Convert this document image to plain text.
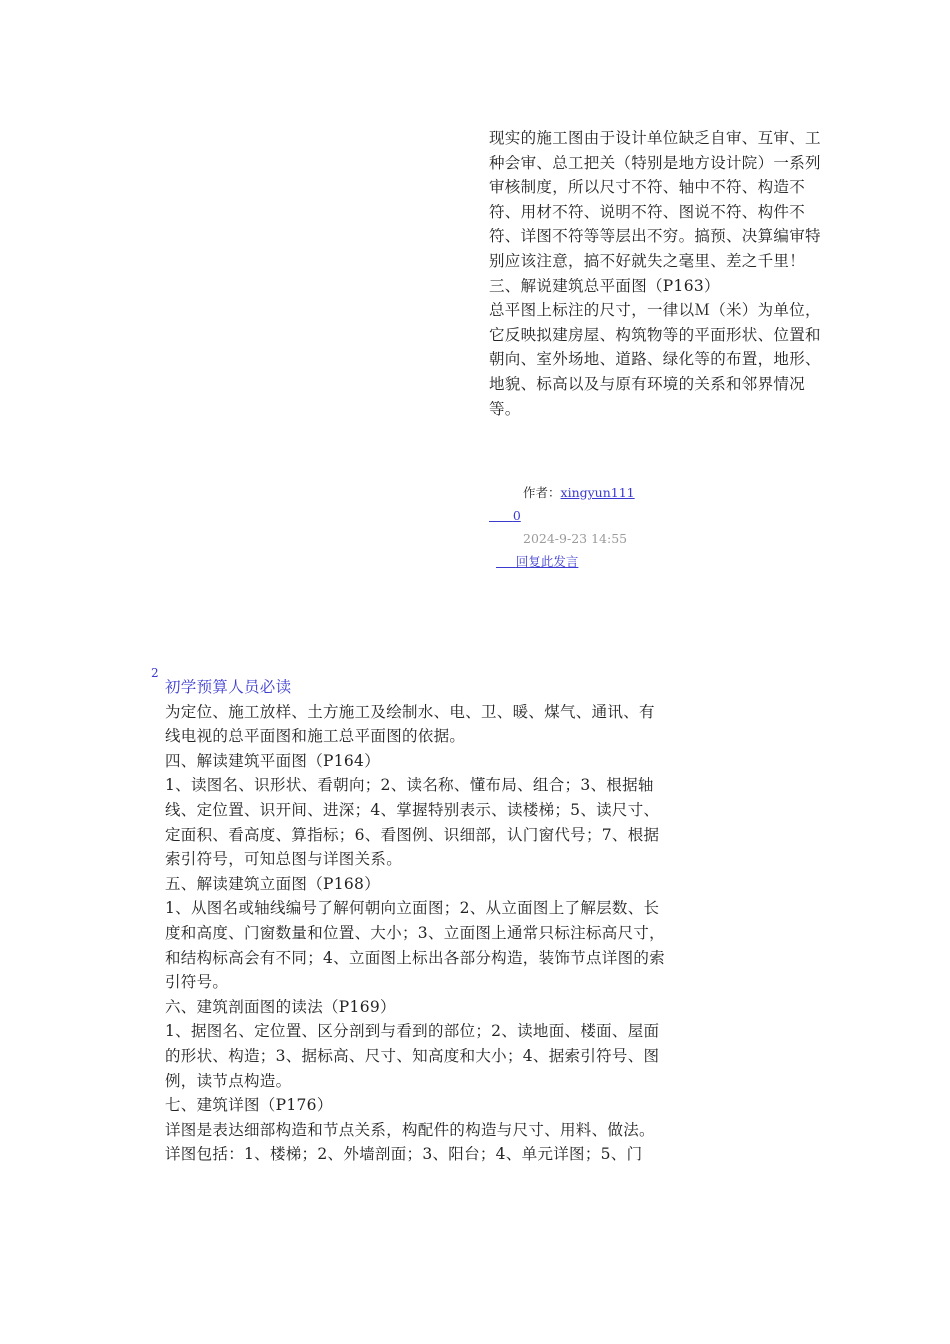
现实的施工图由于设计单位缺乏自审、互审、工种会审、总工把关（特别是地方设计院）一系列审核制度，所以尺寸不符、轴中不符、构造不符、用材不符、说明不符、图说不符、构件不符、详图不符等等层出不穷。搞预、决算编审特别应该注意，搞不好就失之毫里、差之千里！

三、解说建筑总平面图（P163）

总平图上标注的尺寸，一律以Ｍ（米）为单位，它反映拟建房屋、构筑物等的平面形状、位置和朝向、室外场地、道路、绿化等的布置，地形、地貌、标高以及与原有环境的关系和邻界情况等。

作者：xingyun111
0
2024-9-23 14:55
回复此发言
2

初学预算人员必读

为定位、施工放样、土方施工及绘制水、电、卫、暖、煤气、通讯、有线电视的总平面图和施工总平面图的依据。

四、解读建筑平面图（P164）

1、读图名、识形状、看朝向；2、读名称、懂布局、组合；3、根据轴线、定位置、识开间、进深；4、掌握特别表示、读楼梯；5、读尺寸、定面积、看高度、算指标；6、看图例、识细部，认门窗代号；7、根据索引符号，可知总图与详图关系。

五、解读建筑立面图（P168）

1、从图名或轴线编号了解何朝向立面图；2、从立面图上了解层数、长度和高度、门窗数量和位置、大小；3、立面图上通常只标注标高尺寸，和结构标高会有不同；4、立面图上标出各部分构造，装饰节点详图的索引符号。

六、建筑剖面图的读法（P169）

1、据图名、定位置、区分剖到与看到的部位；2、读地面、楼面、屋面的形状、构造；3、据标高、尺寸、知高度和大小；4、据索引符号、图例，读节点构造。

七、建筑详图（P176）

详图是表达细部构造和节点关系，构配件的构造与尺寸、用料、做法。

详图包括：1、楼梯；2、外墙剖面；3、阳台；4、单元详图；5、门
